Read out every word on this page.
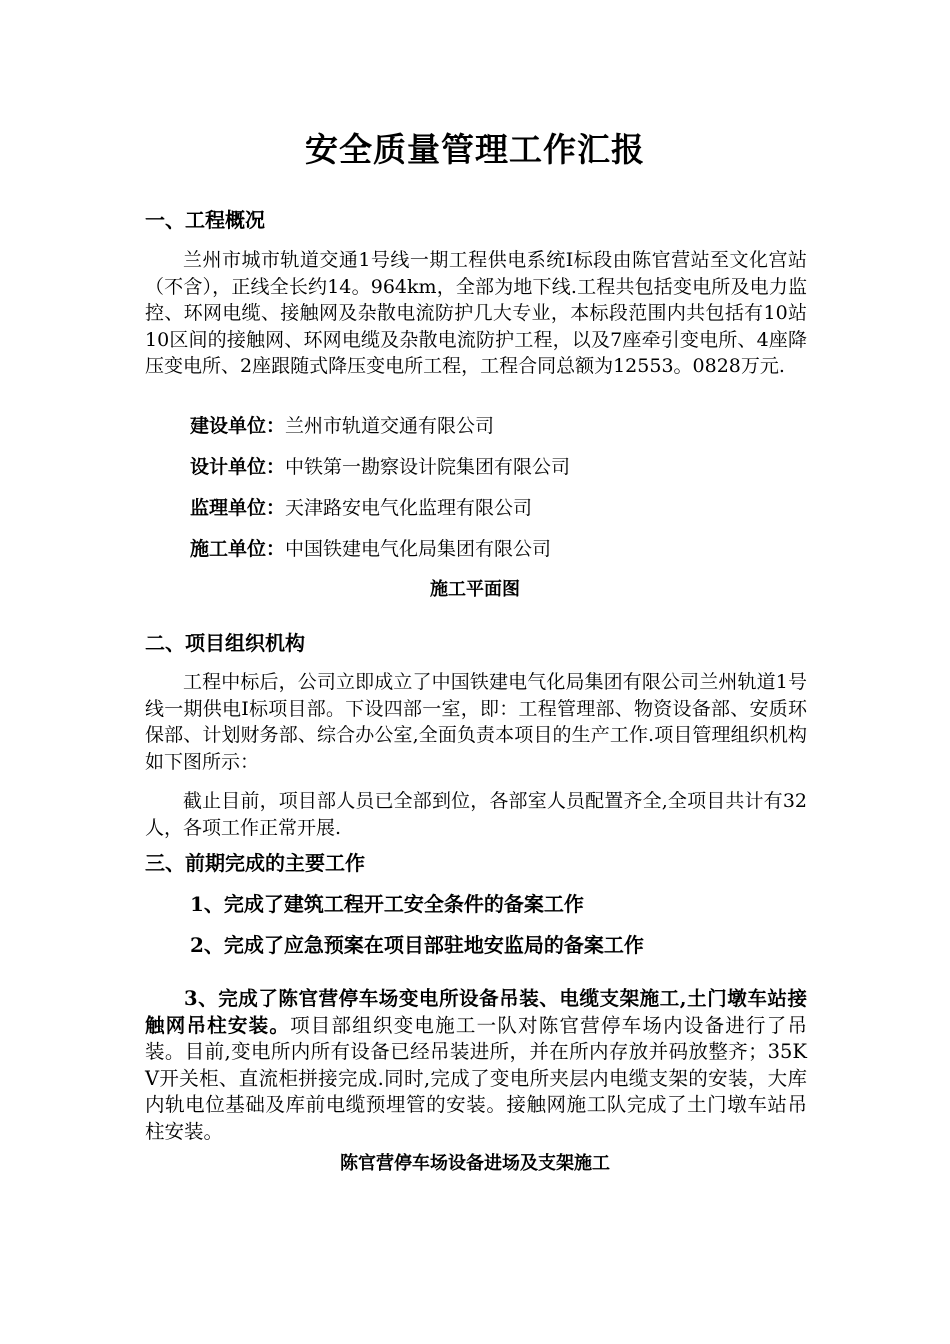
安全质量管理工作汇报
一、工程概况

兰州市城市轨道交通1号线一期工程供电系统Ⅰ标段由陈官营站至文化宫站（不含），正线全长约14。964km，全部为地下线.工程共包括变电所及电力监控、环网电缆、接触网及杂散电流防护几大专业，本标段范围内共包括有10站10区间的接触网、环网电缆及杂散电流防护工程，以及7座牵引变电所、4座降压变电所、2座跟随式降压变电所工程，工程合同总额为12553。0828万元.

建设单位：兰州市轨道交通有限公司

设计单位：中铁第一勘察设计院集团有限公司

监理单位：天津路安电气化监理有限公司

施工单位：中国铁建电气化局集团有限公司

施工平面图

二、项目组织机构

工程中标后，公司立即成立了中国铁建电气化局集团有限公司兰州轨道1号线一期供电Ⅰ标项目部。下设四部一室，即：工程管理部、物资设备部、安质环保部、计划财务部、综合办公室,全面负责本项目的生产工作.项目管理组织机构如下图所示：

截止目前，项目部人员已全部到位，各部室人员配置齐全,全项目共计有32人，各项工作正常开展.

三、前期完成的主要工作

1、完成了建筑工程开工安全条件的备案工作

2、完成了应急预案在项目部驻地安监局的备案工作

3、完成了陈官营停车场变电所设备吊装、电缆支架施工,土门墩车站接触网吊柱安装。项目部组织变电施工一队对陈官营停车场内设备进行了吊装。目前,变电所内所有设备已经吊装进所，并在所内存放并码放整齐；35KV开关柜、直流柜拼接完成.同时,完成了变电所夹层内电缆支架的安装，大库内轨电位基础及库前电缆预埋管的安装。接触网施工队完成了土门墩车站吊柱安装。

陈官营停车场设备进场及支架施工
